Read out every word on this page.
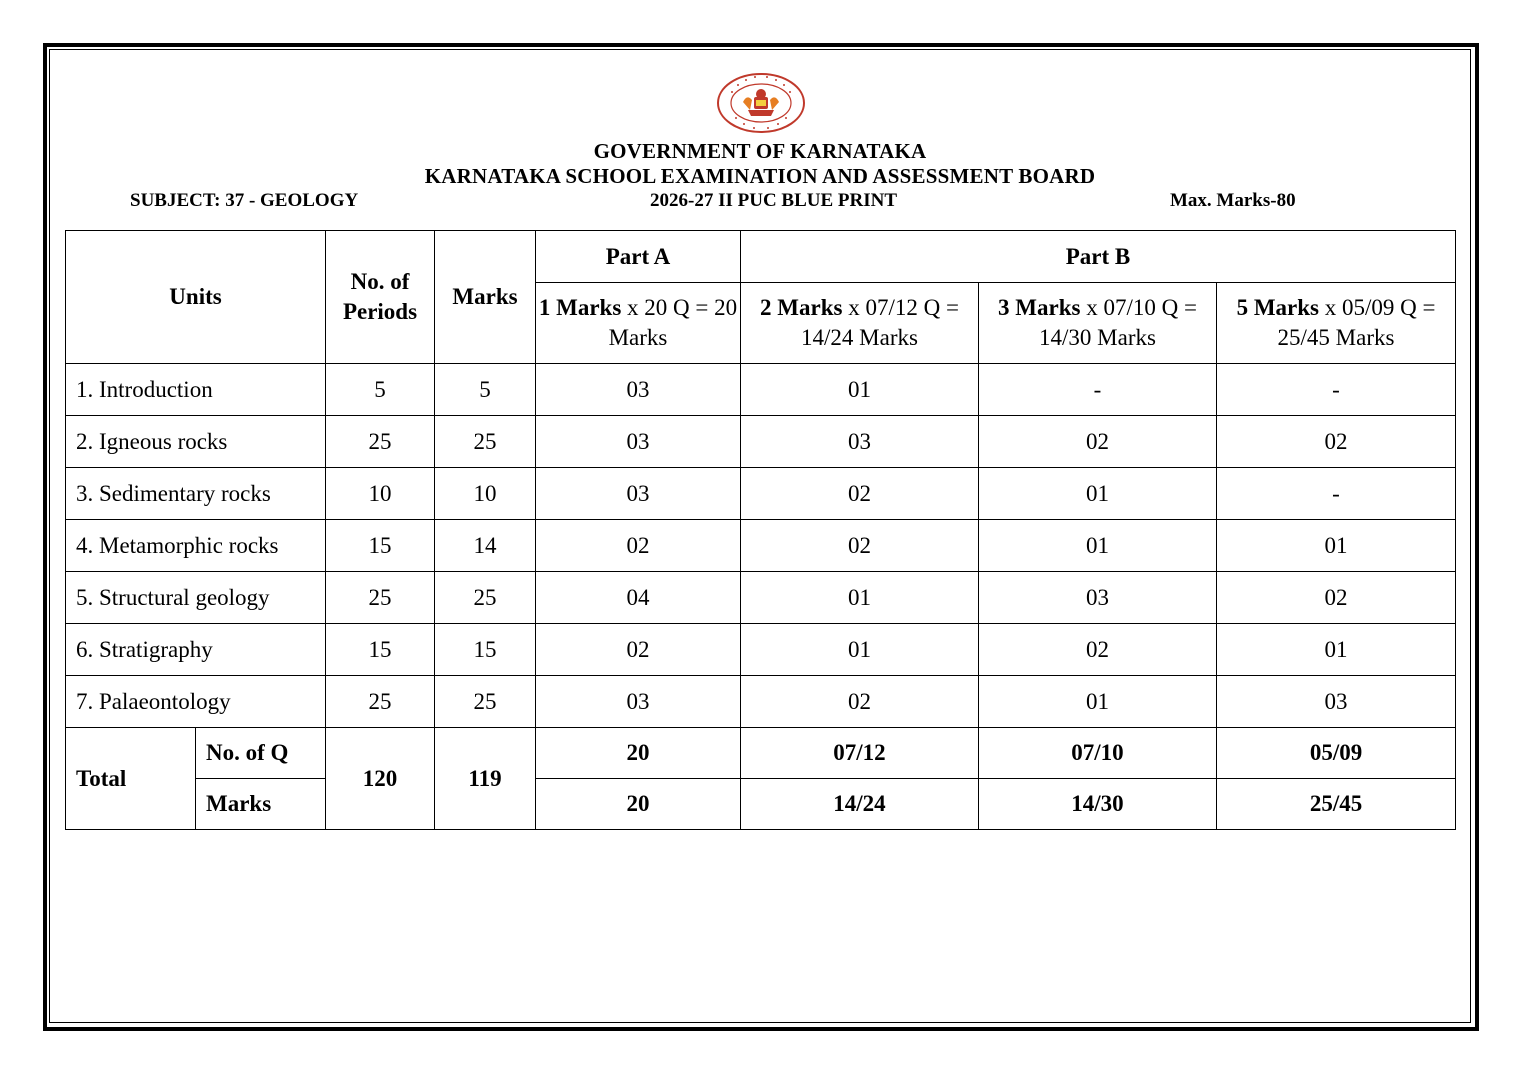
GOVERNMENT OF KARNATAKA
KARNATAKA SCHOOL EXAMINATION AND ASSESSMENT BOARD
SUBJECT: 37 - GEOLOGY	2026-27 II PUC BLUE PRINT	Max. Marks-80
Units		No. of Periods	Marks	Part A	Part B		
				1 Marks x 20 Q = 20 Marks	2 Marks x 07/12 Q = 14/24 Marks	3 Marks x 07/10 Q = 14/30 Marks	5 Marks x 05/09 Q = 25/45 Marks
1. Introduction		5	5	03	01	-	-
2. Igneous rocks		25	25	03	03	02	02
3. Sedimentary rocks		10	10	03	02	01	-
4. Metamorphic rocks		15	14	02	02	01	01
5. Structural geology		25	25	04	01	03	02
6. Stratigraphy		15	15	02	01	02	01
7. Palaeontology		25	25	03	02	01	03
Total	No. of Q	120	119	20	07/12	07/10	05/09
	Marks			20	14/24	14/30	25/45
